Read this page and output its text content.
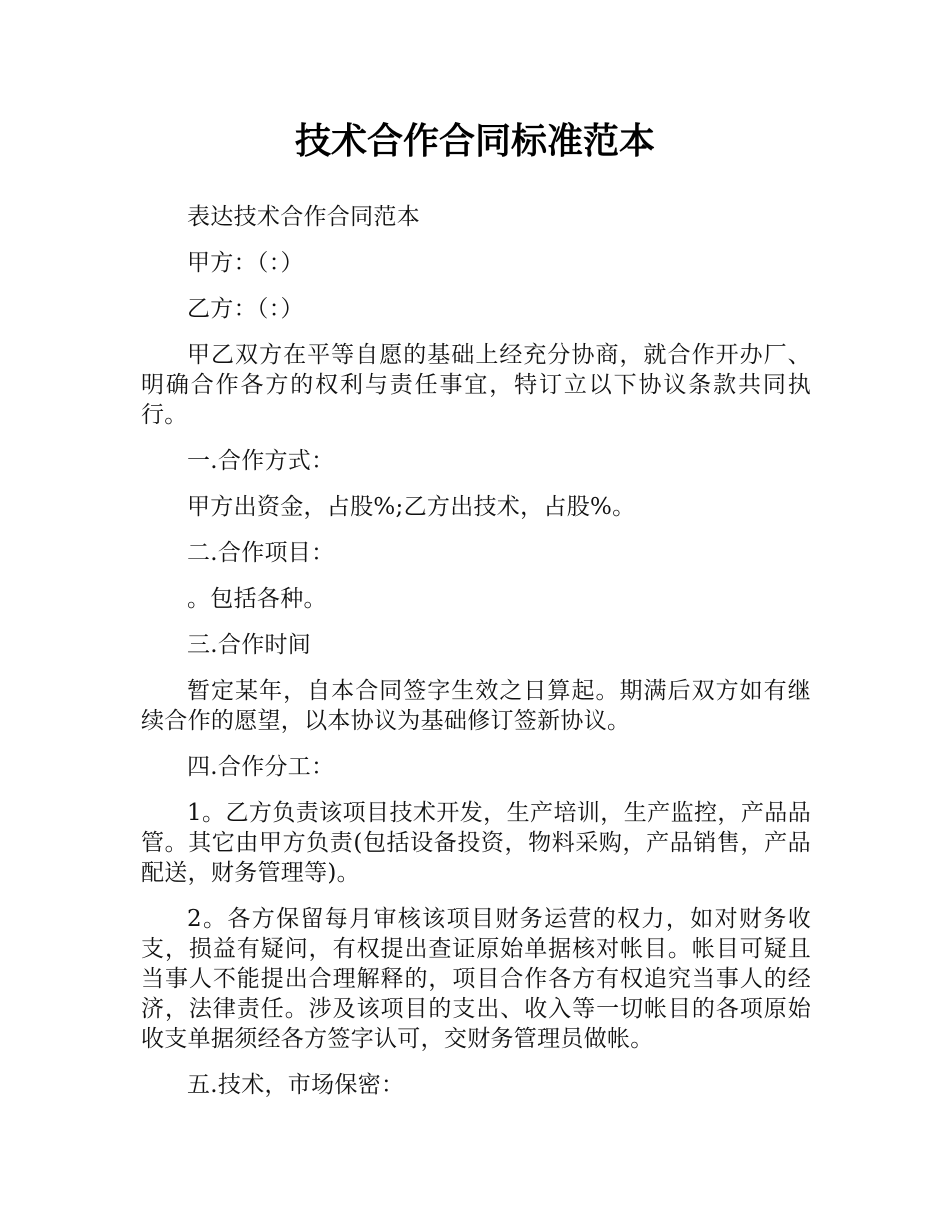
技术合作合同标准范本

表达技术合作合同范本

甲方：（：）

乙方：（：）

甲乙双方在平等自愿的基础上经充分协商，就合作开办厂、明确合作各方的权利与责任事宜，特订立以下协议条款共同执行。

一.合作方式：

甲方出资金，占股%;乙方出技术，占股%。

二.合作项目：

。包括各种。

三.合作时间

暂定某年，自本合同签字生效之日算起。期满后双方如有继续合作的愿望，以本协议为基础修订签新协议。

四.合作分工：

1。乙方负责该项目技术开发，生产培训，生产监控，产品品管。其它由甲方负责(包括设备投资，物料采购，产品销售，产品配送，财务管理等)。

2。各方保留每月审核该项目财务运营的权力，如对财务收支，损益有疑问，有权提出查证原始单据核对帐目。帐目可疑且当事人不能提出合理解释的，项目合作各方有权追究当事人的经济，法律责任。涉及该项目的支出、收入等一切帐目的各项原始收支单据须经各方签字认可，交财务管理员做帐。

五.技术，市场保密：
